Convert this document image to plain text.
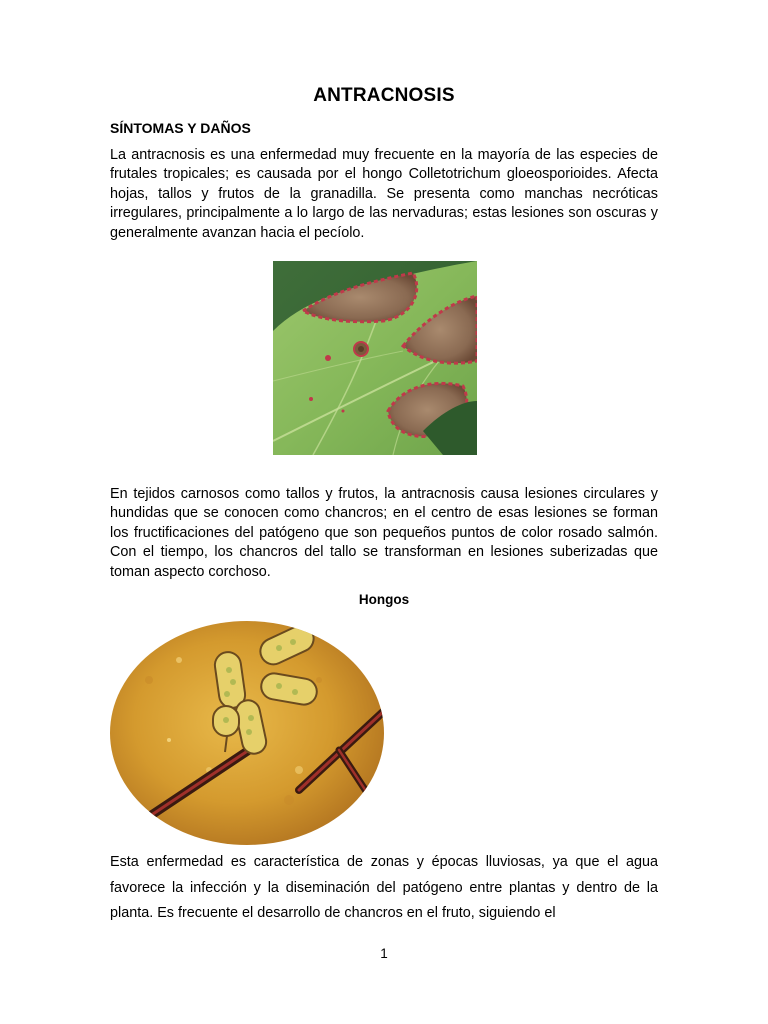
ANTRACNOSIS
SÍNTOMAS Y DAÑOS

La antracnosis es una enfermedad muy frecuente en la mayoría de las especies de frutales tropicales; es causada por el hongo Colletotrichum gloeosporioides. Afecta hojas, tallos y frutos de la granadilla. Se presenta como manchas necróticas irregulares, principalmente a lo largo de las nervaduras; estas lesiones son oscuras y generalmente avanzan hacia el pecíolo.

En tejidos carnosos como tallos y frutos, la antracnosis causa lesiones circulares y hundidas que se conocen como chancros; en el centro de esas lesiones se forman los fructificaciones del patógeno que son pequeños puntos de color rosado salmón. Con el tiempo, los chancros del tallo se transforman en lesiones suberizadas que toman aspecto corchoso.

Hongos

Esta enfermedad es característica de zonas y épocas lluviosas, ya que el agua favorece la infección y la diseminación del patógeno entre plantas y dentro de la planta. Es frecuente el desarrollo de chancros en el fruto, siguiendo el

1
